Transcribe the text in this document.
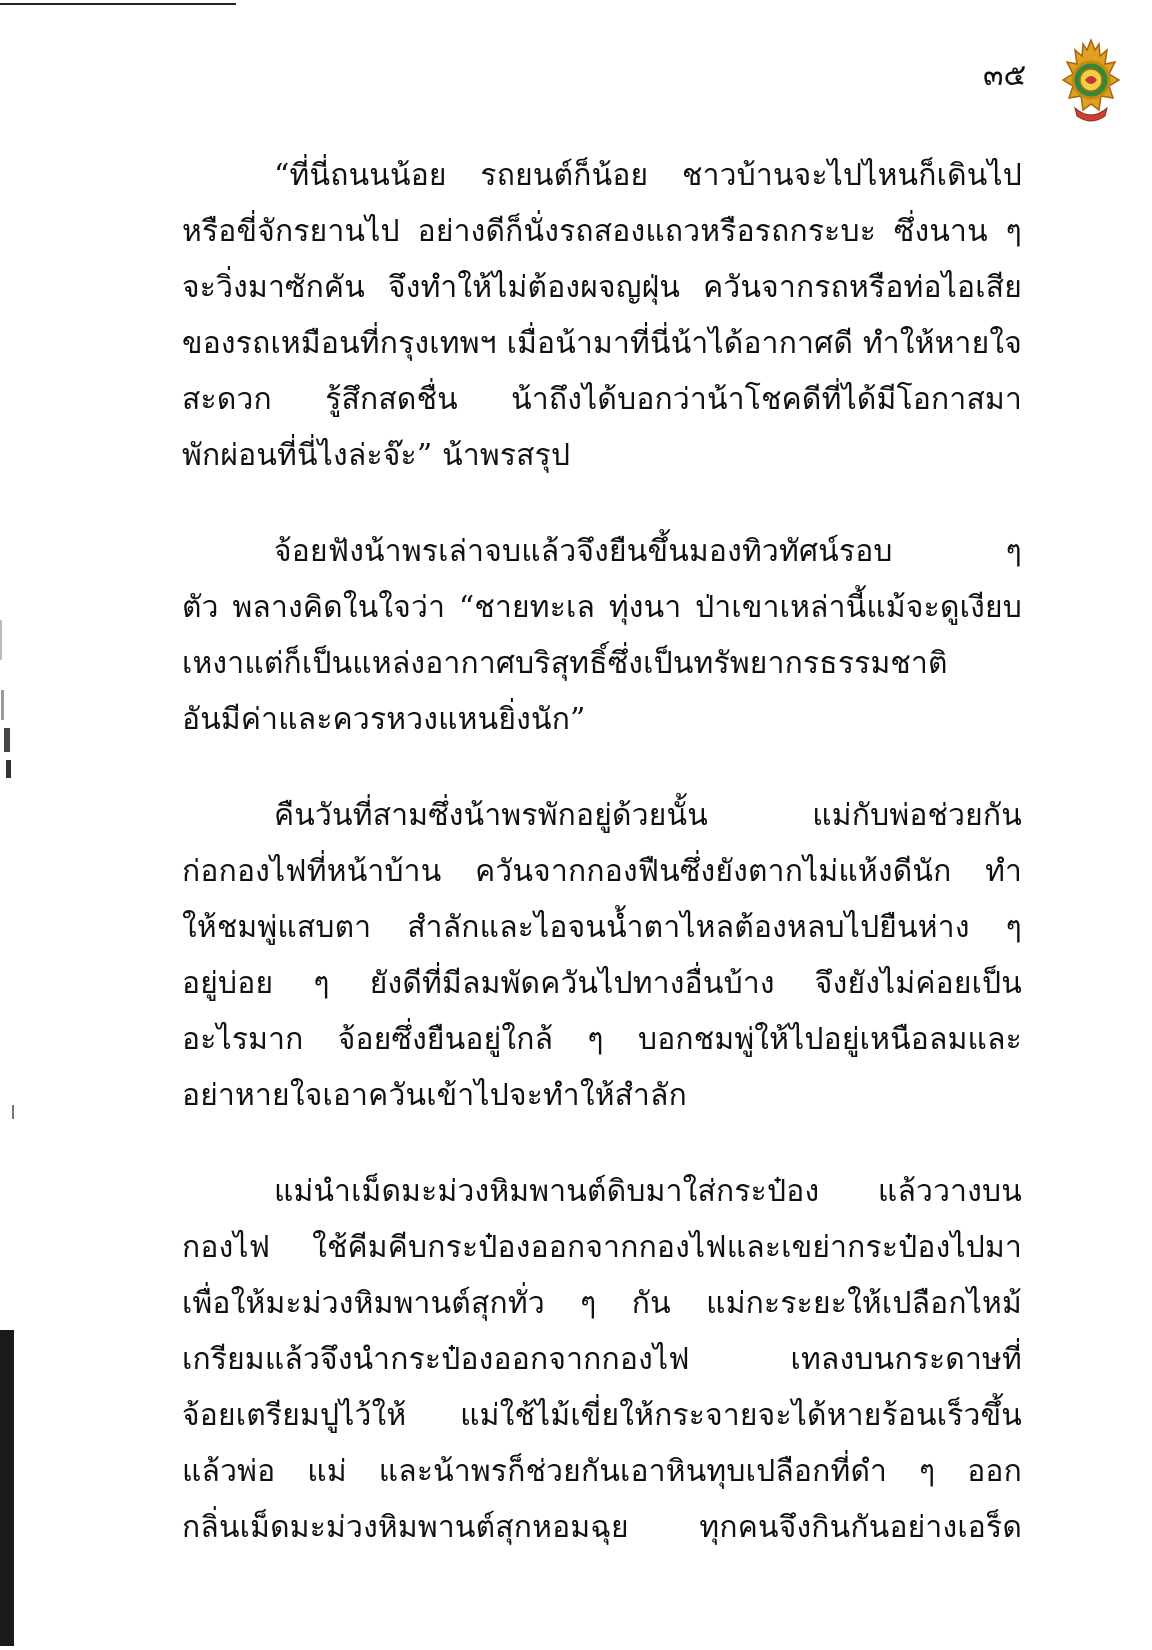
๓๕

“ที่นี่ถนนน้อย รถยนต์ก็น้อย ชาวบ้านจะไปไหนก็เดินไป
หรือขี่จักรยานไป อย่างดีก็นั่งรถสองแถวหรือรถกระบะ ซึ่งนาน ๆ
จะวิ่งมาซักคัน จึงทำให้ไม่ต้องผจญฝุ่น ควันจากรถหรือท่อไอเสีย
ของรถเหมือนที่กรุงเทพฯ เมื่อน้ามาที่นี่น้าได้อากาศดี ทำให้หายใจ
สะดวก รู้สึกสดชื่น น้าถึงได้บอกว่าน้าโชคดีที่ได้มีโอกาสมา
พักผ่อนที่นี่ไงล่ะจ๊ะ” น้าพรสรุป

จ้อยฟังน้าพรเล่าจบแล้วจึงยืนขึ้นมองทิวทัศน์รอบ ๆ
ตัว พลางคิดในใจว่า “ชายทะเล ทุ่งนา ป่าเขาเหล่านี้แม้จะดูเงียบ
เหงาแต่ก็เป็นแหล่งอากาศบริสุทธิ์ซึ่งเป็นทรัพยากรธรรมชาติ
อันมีค่าและควรหวงแหนยิ่งนัก”

คืนวันที่สามซึ่งน้าพรพักอยู่ด้วยนั้น แม่กับพ่อช่วยกัน
ก่อกองไฟที่หน้าบ้าน ควันจากกองฟืนซึ่งยังตากไม่แห้งดีนัก ทำ
ให้ชมพู่แสบตา สำลักและไอจนน้ำตาไหลต้องหลบไปยืนห่าง ๆ
อยู่บ่อย ๆ ยังดีที่มีลมพัดควันไปทางอื่นบ้าง จึงยังไม่ค่อยเป็น
อะไรมาก จ้อยซึ่งยืนอยู่ใกล้ ๆ บอกชมพู่ให้ไปอยู่เหนือลมและ
อย่าหายใจเอาควันเข้าไปจะทำให้สำลัก

แม่นำเม็ดมะม่วงหิมพานต์ดิบมาใส่กระป๋อง แล้ววางบน
กองไฟ ใช้คีมคีบกระป๋องออกจากกองไฟและเขย่ากระป๋องไปมา
เพื่อให้มะม่วงหิมพานต์สุกทั่ว ๆ กัน แม่กะระยะให้เปลือกไหม้
เกรียมแล้วจึงนำกระป๋องออกจากกองไฟ เทลงบนกระดาษที่
จ้อยเตรียมปูไว้ให้ แม่ใช้ไม้เขี่ยให้กระจายจะได้หายร้อนเร็วขึ้น
แล้วพ่อ แม่ และน้าพรก็ช่วยกันเอาหินทุบเปลือกที่ดำ ๆ ออก
กลิ่นเม็ดมะม่วงหิมพานต์สุกหอมฉุย ทุกคนจึงกินกันอย่างเอร็ด
